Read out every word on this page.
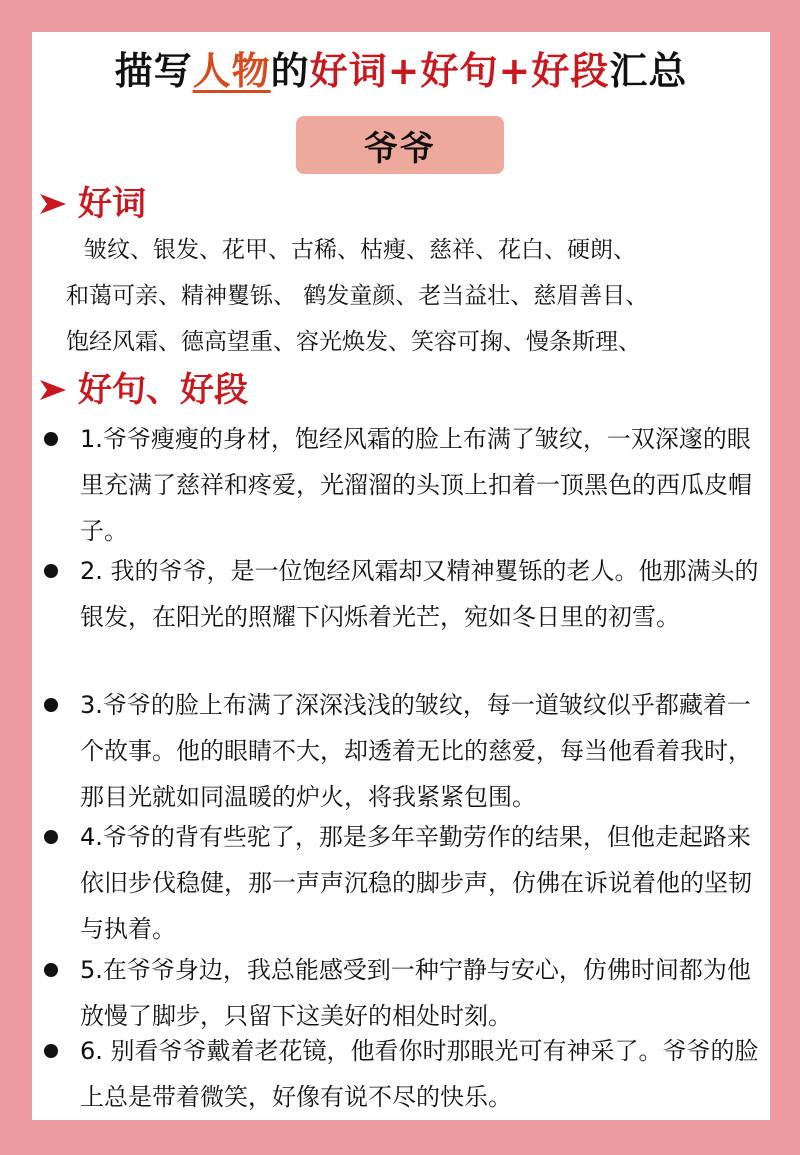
描写人物的好词+好句+好段汇总
爷爷
好词
皱纹、银发、花甲、古稀、枯瘦、慈祥、花白、硬朗、
和蔼可亲、精神矍铄、 鹤发童颜、老当益壮、慈眉善目、
饱经风霜、德高望重、容光焕发、笑容可掬、慢条斯理、
好句、好段
1.爷爷瘦瘦的身材，饱经风霜的脸上布满了皱纹，一双深邃的眼里充满了慈祥和疼爱，光溜溜的头顶上扣着一顶黑色的西瓜皮帽子。
2. 我的爷爷，是一位饱经风霜却又精神矍铄的老人。他那满头的银发，在阳光的照耀下闪烁着光芒，宛如冬日里的初雪。
3.爷爷的脸上布满了深深浅浅的皱纹，每一道皱纹似乎都藏着一个故事。他的眼睛不大，却透着无比的慈爱，每当他看着我时，那目光就如同温暖的炉火，将我紧紧包围。
4.爷爷的背有些驼了，那是多年辛勤劳作的结果，但他走起路来依旧步伐稳健，那一声声沉稳的脚步声，仿佛在诉说着他的坚韧与执着。
5.在爷爷身边，我总能感受到一种宁静与安心，仿佛时间都为他放慢了脚步，只留下这美好的相处时刻。
6. 别看爷爷戴着老花镜，他看你时那眼光可有神采了。爷爷的脸上总是带着微笑，好像有说不尽的快乐。
